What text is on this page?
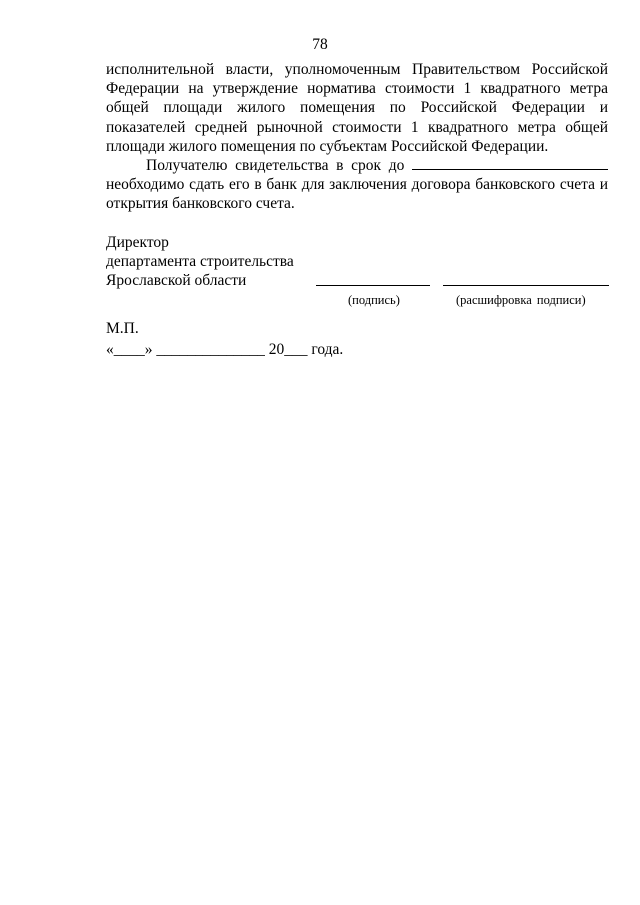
78

исполнительной власти, уполномоченным Правительством Российской Федерации на утверждение норматива стоимости 1 квадратного метра общей площади жилого помещения по Российской Федерации и показателей средней рыночной стоимости 1 квадратного метра общей площади жилого помещения по субъектам Российской Федерации.

Получателю свидетельства в срок до  необходимо сдать его в банк для заключения договора банковского счета и открытия банковского счета.

Директор
департамента строительства
Ярославской области
(подпись)	(расшифровка подписи)
М.П.
«____» ______________ 20___ года.
